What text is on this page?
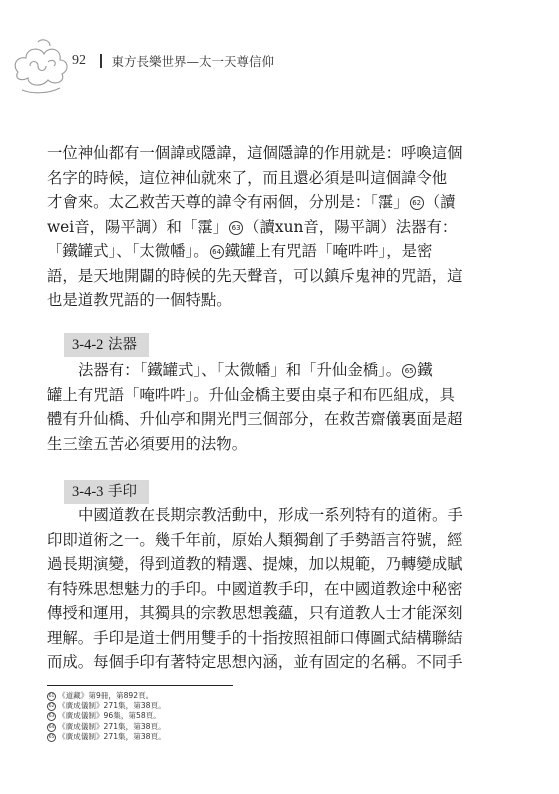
92 東方長樂世界—太一天尊信仰
一位神仙都有一個諱或隱諱，這個隱諱的作用就是：呼喚這個
名字的時候，這位神仙就來了，而且還必須是叫這個諱令他
才會來。太乙救苦天尊的諱令有兩個，分別是：「霮」 62 （讀
wei音，陽平調）和「霮」 63 （讀xun音，陽平調）法器有：
「鐵罐式」、「太微幡」。 64 鐵罐上有咒語「唵吽吽」，是密
語，是天地開闢的時候的先天聲音，可以鎮斥鬼神的咒語，這
也是道教咒語的一個特點。
3-4-2 法器
法器有：「鐵罐式」、「太微幡」和「升仙金橋」。 65 鐵
罐上有咒語「唵吽吽」。升仙金橋主要由桌子和布匹組成，具
體有升仙橋、升仙亭和開光門三個部分，在救苦齋儀裏面是超
生三塗五苦必須要用的法物。
3-4-3 手印
中國道教在長期宗教活動中，形成一系列特有的道術。手
印即道術之一。幾千年前，原始人類獨創了手勢語言符號，經
過長期演變，得到道教的精選、提煉，加以規範，乃轉變成賦
有特殊思想魅力的手印。中國道教手印，在中國道教途中秘密
傳授和運用，其獨具的宗教思想義蘊，只有道教人士才能深刻
理解。手印是道士們用雙手的十指按照祖師口傳圖式結構聯結
而成。每個手印有著特定思想內涵，並有固定的名稱。不同手
61 《道藏》第9冊，第892頁。
62 《廣成儀制》271集，第38頁。
63 《廣成儀制》96集，第58頁。
64 《廣成儀制》271集，第38頁。
65 《廣成儀制》271集，第38頁。
